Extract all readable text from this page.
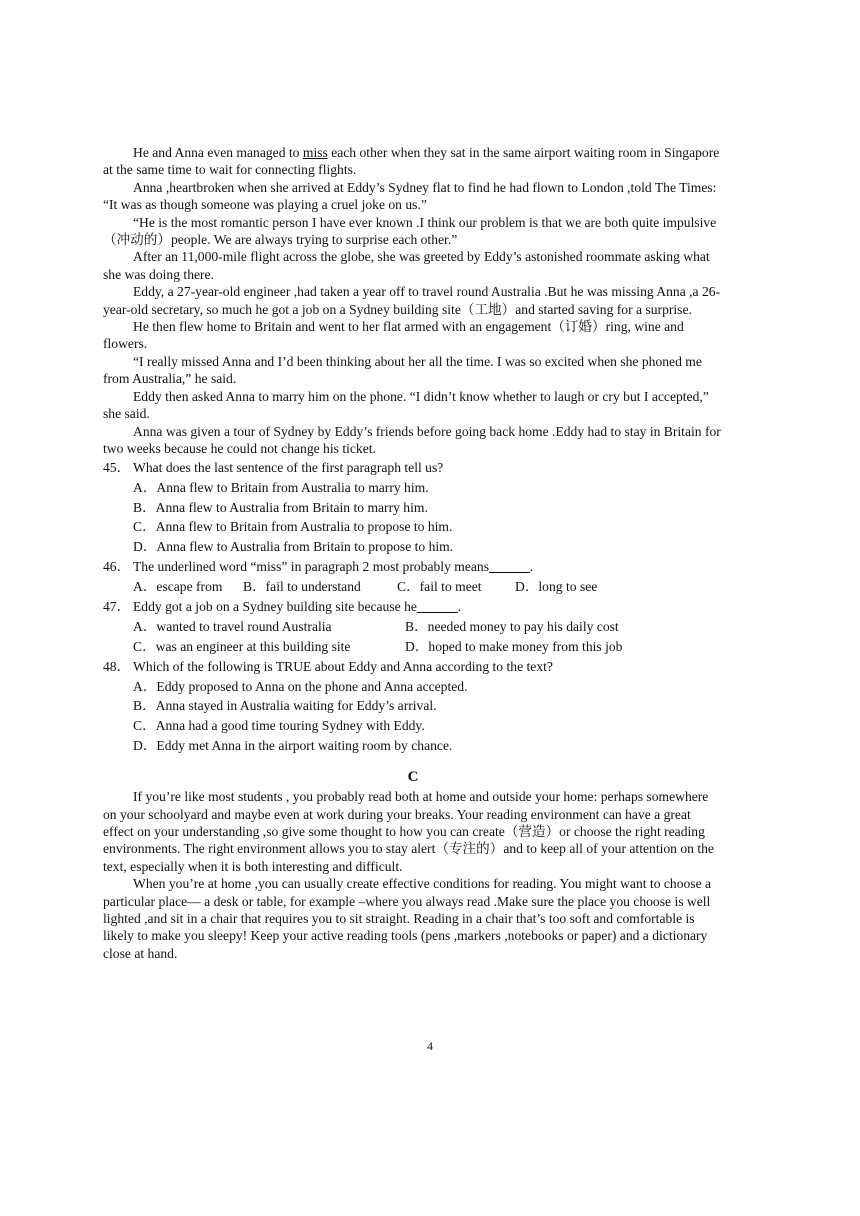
He and Anna even managed to miss each other when they sat in the same airport waiting room in Singapore at the same time to wait for connecting flights.

Anna ,heartbroken when she arrived at Eddy’s Sydney flat to find he had flown to London ,told The Times: “It was as though someone was playing a cruel joke on us.”

“He is the most romantic person I have ever known .I think our problem is that we are both quite impulsive（冲动的）people. We are always trying to surprise each other.”

After an 11,000-mile flight across the globe, she was greeted by Eddy’s astonished roommate asking what she was doing there.

Eddy, a 27-year-old engineer ,had taken a year off to travel round Australia .But he was missing Anna ,a 26-year-old secretary, so much he got a job on a Sydney building site（工地）and started saving for a surprise.

He then flew home to Britain and went to her flat armed with an engagement（订婚）ring, wine and flowers.

“I really missed Anna and I’d been thinking about her all the time. I was so excited when she phoned me from Australia,” he said.

Eddy then asked Anna to marry him on the phone. “I didn’t know whether to laugh or cry but I accepted,” she said.

Anna was given a tour of Sydney by Eddy’s friends before going back home .Eddy had to stay in Britain for two weeks because he could not change his ticket.

45． What does the last sentence of the first paragraph tell us?
A．Anna flew to Britain from Australia to marry him.
B．Anna flew to Australia from Britain to marry him.
C．Anna flew to Britain from Australia to propose to him.
D．Anna flew to Australia from Britain to propose to him.
46． The underlined word “miss” in paragraph 2 most probably means______.
A．escape from B．fail to understand	C．fail to meet D．long to see
47． Eddy got a job on a Sydney building site because he______.
A．wanted to travel round Australia	B．needed money to pay his daily cost
C．was an engineer at this building site	D．hoped to make money from this job
48． Which of the following is TRUE about Eddy and Anna according to the text?
A．Eddy proposed to Anna on the phone and Anna accepted.
B．Anna stayed in Australia waiting for Eddy’s arrival.
C．Anna had a good time touring Sydney with Eddy.
D．Eddy met Anna in the airport waiting room by chance.
C

If you’re like most students , you probably read both at home and outside your home: perhaps somewhere on your schoolyard and maybe even at work during your breaks. Your reading environment can have a great effect on your understanding ,so give some thought to how you can create（营造）or choose the right reading environments. The right environment allows you to stay alert（专注的）and to keep all of your attention on the text, especially when it is both interesting and difficult.

When you’re at home ,you can usually create effective conditions for reading. You might want to choose a particular place— a desk or table, for example –where you always read .Make sure the place you choose is well lighted ,and sit in a chair that requires you to sit straight. Reading in a chair that’s too soft and comfortable is likely to make you sleepy! Keep your active reading tools (pens ,markers ,notebooks or paper) and a dictionary close at hand.

4
